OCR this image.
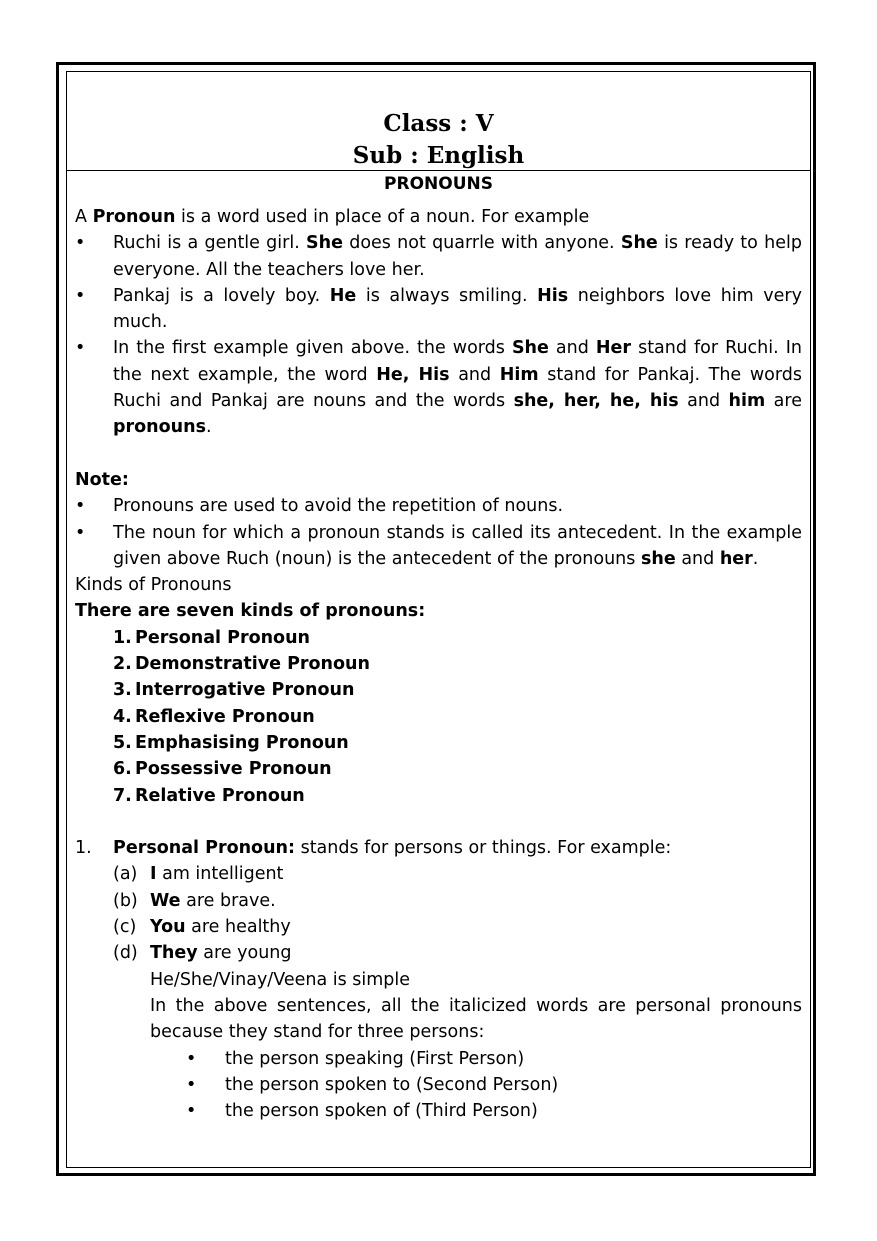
Class : V
Sub : English
PRONOUNS

A Pronoun is a word used in place of a noun. For example

• Ruchi is a gentle girl. She does not quarrle with anyone. She is ready to help everyone. All the teachers love her.
• Pankaj is a lovely boy. He is always smiling. His neighbors love him very much.
• In the first example given above. the words She and Her stand for Ruchi. In the next example, the word He, His and Him stand for Pankaj. The words Ruchi and Pankaj are nouns and the words she, her, he, his and him are pronouns.

Note:

• Pronouns are used to avoid the repetition of nouns.
• The noun for which a pronoun stands is called its antecedent. In the example given above Ruch (noun) is the antecedent of the pronouns she and her.

Kinds of Pronouns

There are seven kinds of pronouns:

1. Personal Pronoun
2. Demonstrative Pronoun
3. Interrogative Pronoun
4. Reflexive Pronoun
5. Emphasising Pronoun
6. Possessive Pronoun
7. Relative Pronoun
1. Personal Pronoun: stands for persons or things. For example:
(a) I am intelligent
(b) We are brave.
(c) You are healthy
(d) They are young
He/She/Vinay/Veena is simple
In the above sentences, all the italicized words are personal pronouns because they stand for three persons:
• the person speaking (First Person)
• the person spoken to (Second Person)
• the person spoken of (Third Person)
